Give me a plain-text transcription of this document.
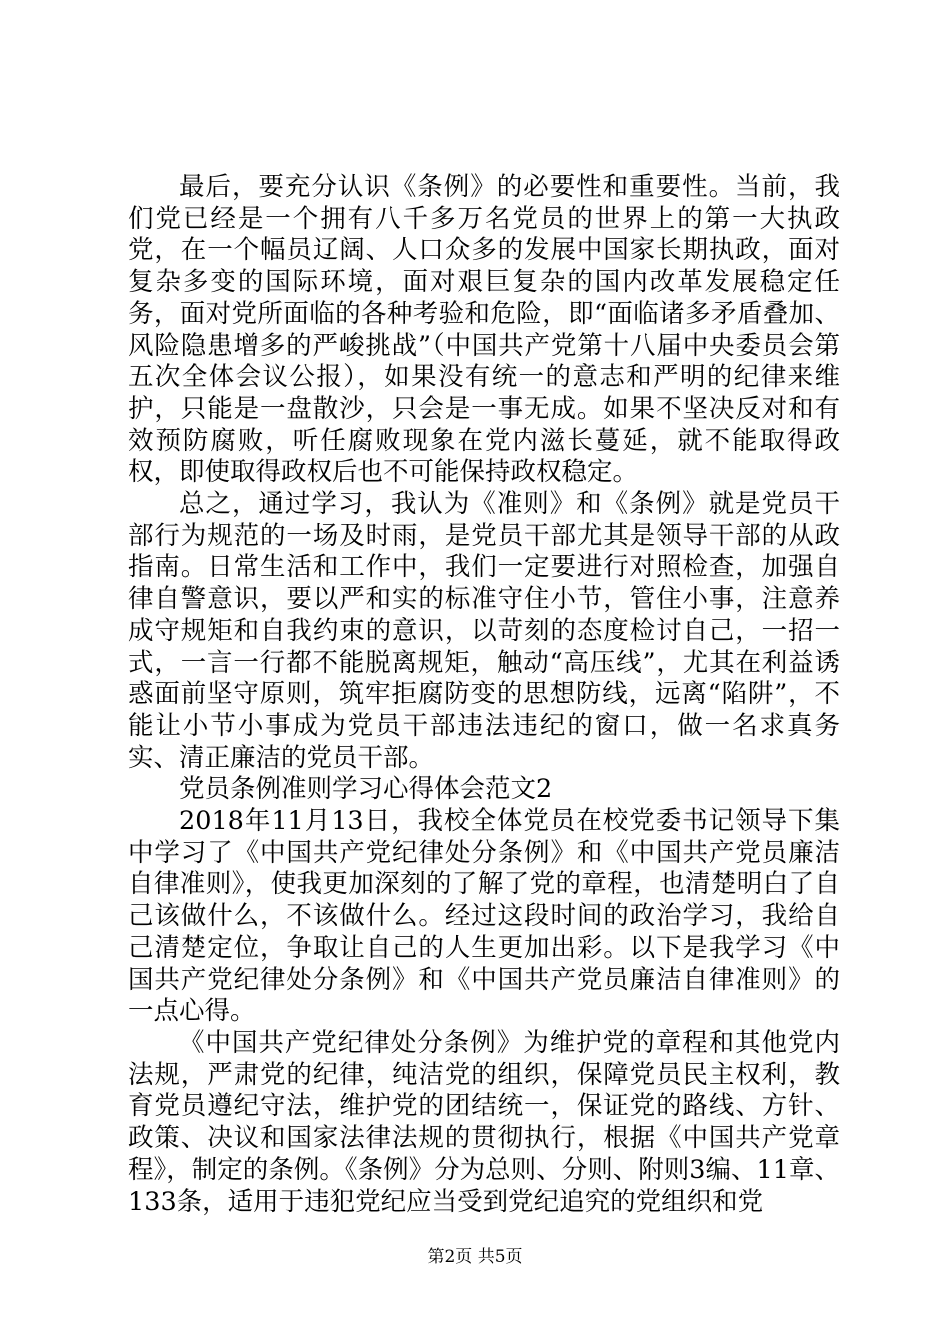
最后，要充分认识《条例》的必要性和重要性。当前，我们党已经是一个拥有八千多万名党员的世界上的第一大执政党，在一个幅员辽阔、人口众多的发展中国家长期执政，面对复杂多变的国际环境，面对艰巨复杂的国内改革发展稳定任务，面对党所面临的各种考验和危险，即“面临诸多矛盾叠加、风险隐患增多的严峻挑战”（中国共产党第十八届中央委员会第五次全体会议公报），如果没有统一的意志和严明的纪律来维护，只能是一盘散沙，只会是一事无成。如果不坚决反对和有效预防腐败，听任腐败现象在党内滋长蔓延，就不能取得政权，即使取得政权后也不可能保持政权稳定。

总之，通过学习，我认为《准则》和《条例》就是党员干部行为规范的一场及时雨，是党员干部尤其是领导干部的从政指南。日常生活和工作中，我们一定要进行对照检查，加强自律自警意识，要以严和实的标准守住小节，管住小事，注意养成守规矩和自我约束的意识，以苛刻的态度检讨自己，一招一式，一言一行都不能脱离规矩，触动“高压线”，尤其在利益诱惑面前坚守原则，筑牢拒腐防变的思想防线，远离“陷阱”，不能让小节小事成为党员干部违法违纪的窗口，做一名求真务实、清正廉洁的党员干部。

党员条例准则学习心得体会范文2

2018年11月13日，我校全体党员在校党委书记领导下集中学习了《中国共产党纪律处分条例》和《中国共产党员廉洁自律准则》，使我更加深刻的了解了党的章程，也清楚明白了自己该做什么，不该做什么。经过这段时间的政治学习，我给自己清楚定位，争取让自己的人生更加出彩。以下是我学习《中国共产党纪律处分条例》和《中国共产党员廉洁自律准则》的一点心得。

《中国共产党纪律处分条例》为维护党的章程和其他党内法规，严肃党的纪律，纯洁党的组织，保障党员民主权利，教育党员遵纪守法，维护党的团结统一，保证党的路线、方针、政策、决议和国家法律法规的贯彻执行，根据《中国共产党章程》，制定的条例。《条例》分为总则、分则、附则3编、11章、133条，适用于违犯党纪应当受到党纪追究的党组织和党

第2页 共5页
